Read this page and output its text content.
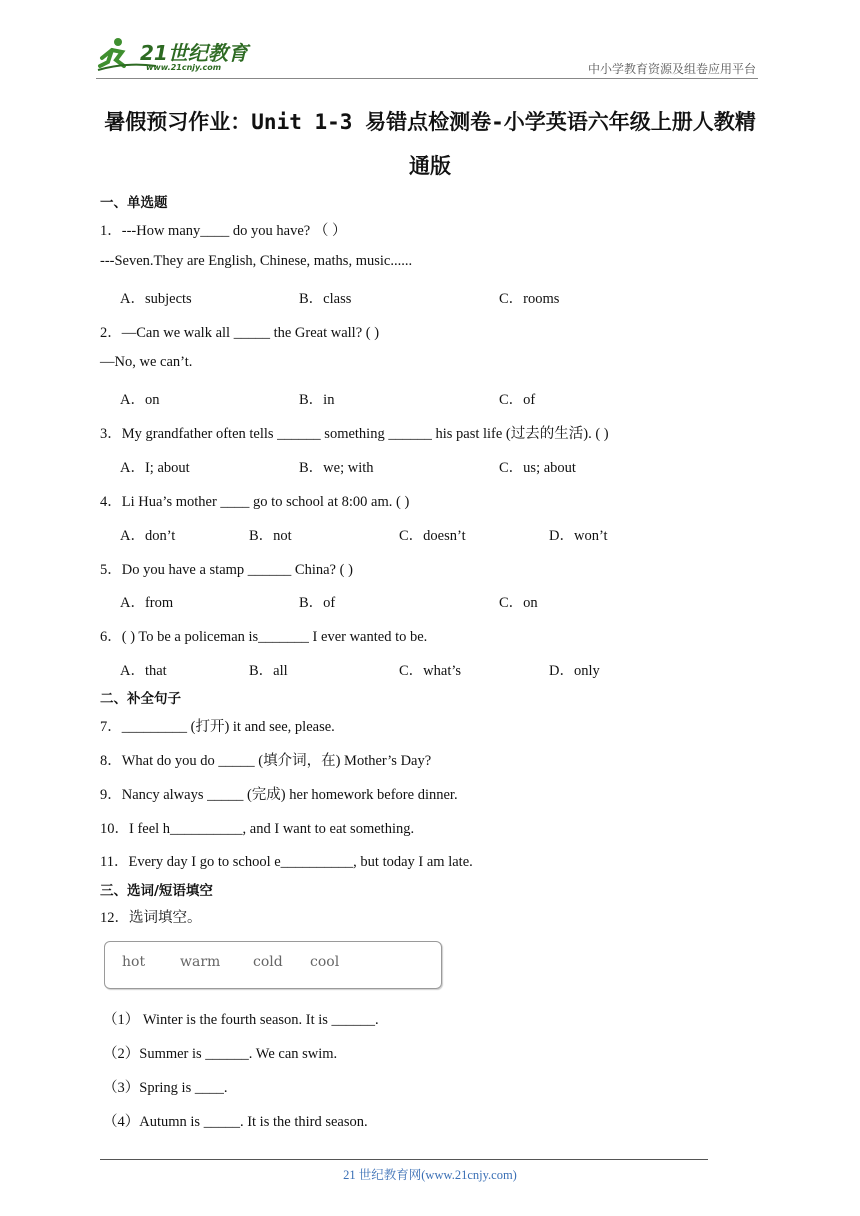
21世纪教育
www.21cnjy.com	中小学教育资源及组卷应用平台
暑假预习作业：Unit 1-3 易错点检测卷-小学英语六年级上册人教精
通版
一、单选题
1．---How many____ do you have? （ ）
---Seven.They are English, Chinese, maths, music......
A．subjects	B．class	C．rooms
2．—Can we walk all _____ the Great wall? ( )
—No, we can’t.
A．on	B．in	C．of
3．My grandfather often tells ______ something ______ his past life (过去的生活). ( )
A．I; about	B．we; with	C．us; about
4．Li Hua’s mother ____ go to school at 8:00 am. ( )
A．don’t	B．not	C．doesn’t	D．won’t
5．Do you have a stamp ______ China? ( )
A．from	B．of	C．on
6．( ) To be a policeman is_______ I ever wanted to be.
A．that	B．all	C．what’s	D．only
二、补全句子
7．_________ (打开) it and see, please.
8．What do you do _____ (填介词，在) Mother’s Day?
9．Nancy always _____ (完成) her homework before dinner.
10．I feel h__________, and I want to eat something.
11．Every day I go to school e__________, but today I am late.
三、选词/短语填空
12．选词填空。
hot warm cold cool
（1） Winter is the fourth season. It is ______.
（2）Summer is ______. We can swim.
（3）Spring is ____.
（4）Autumn is _____. It is the third season.
21 世纪教育网(www.21cnjy.com)
